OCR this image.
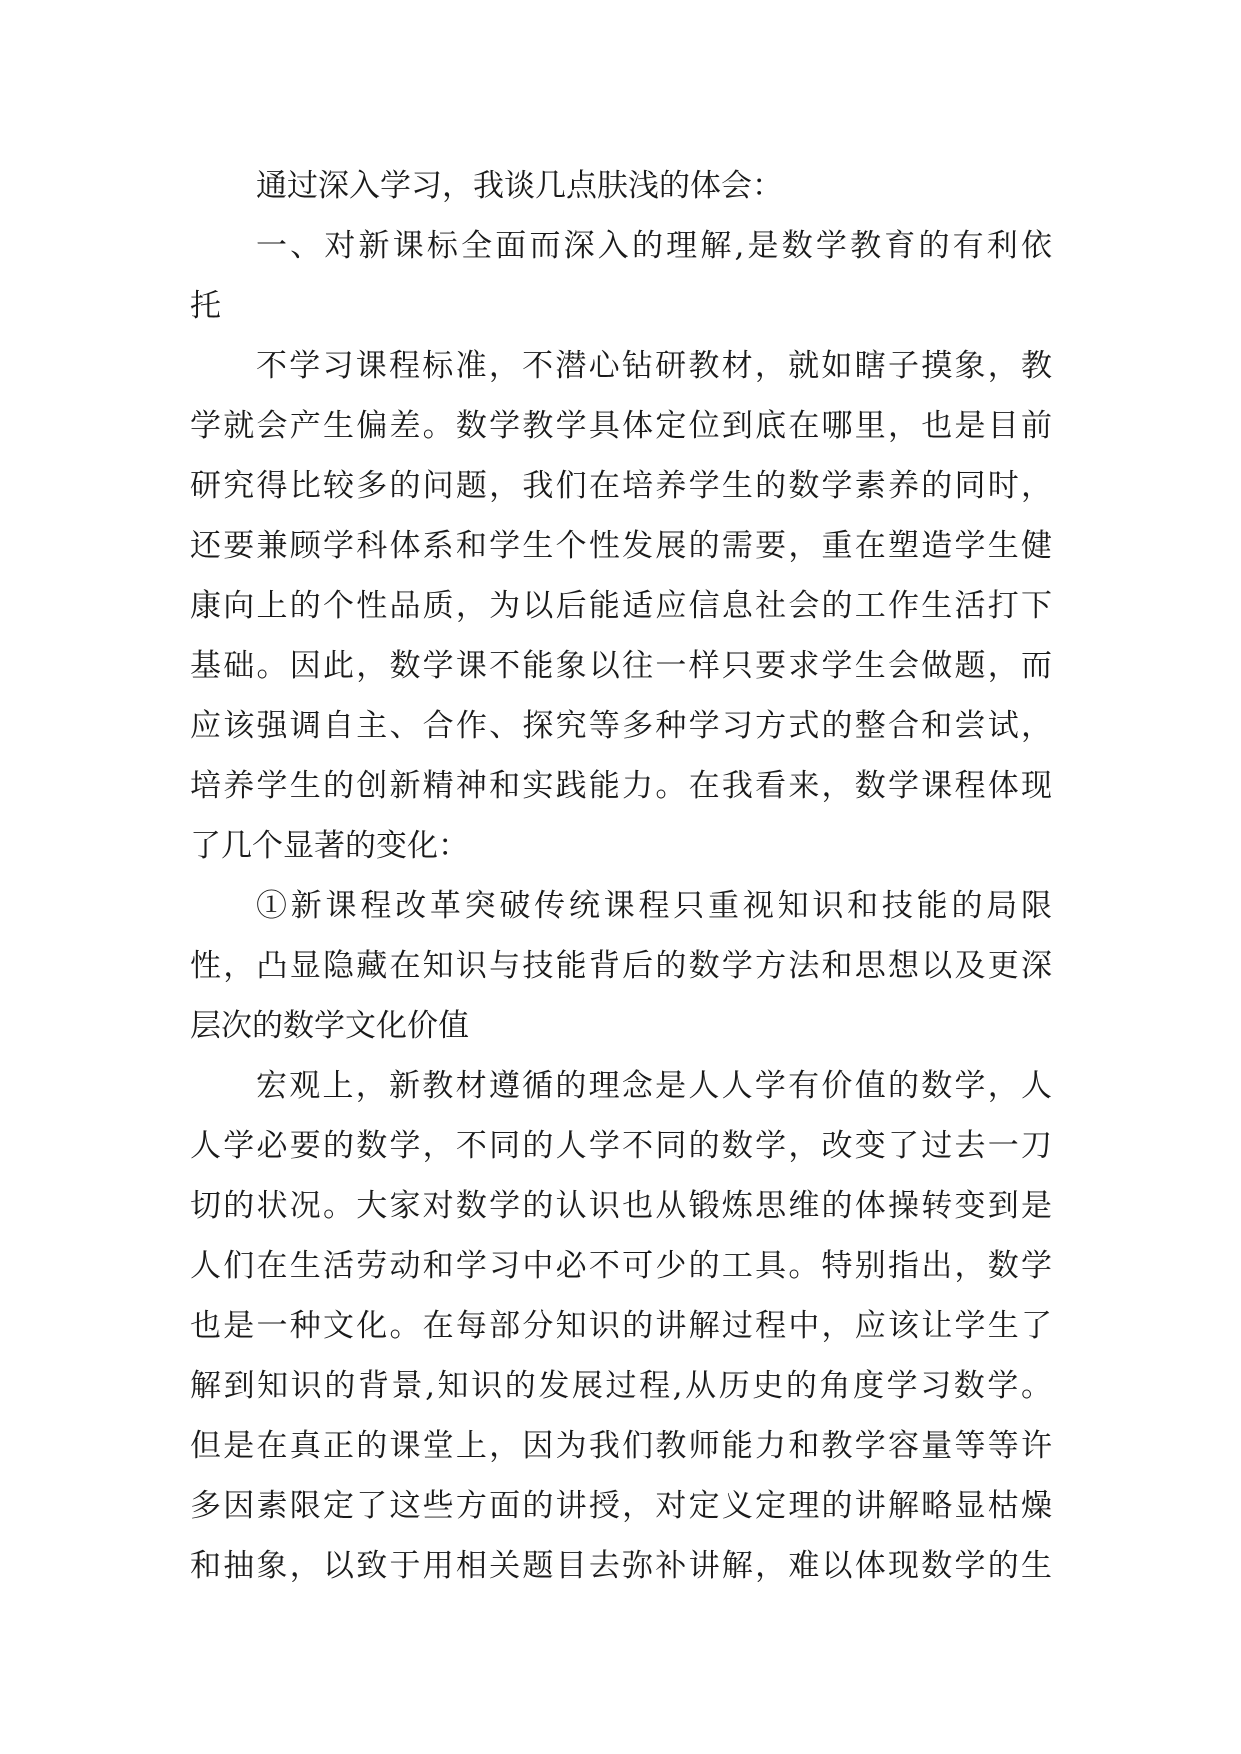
通过深入学习，我谈几点肤浅的体会：
一、对新课标全面而深入的理解,是数学教育的有利依
托
不学习课程标准，不潜心钻研教材，就如瞎子摸象，教
学就会产生偏差。数学教学具体定位到底在哪里，也是目前
研究得比较多的问题，我们在培养学生的数学素养的同时，
还要兼顾学科体系和学生个性发展的需要，重在塑造学生健
康向上的个性品质，为以后能适应信息社会的工作生活打下
基础。因此，数学课不能象以往一样只要求学生会做题，而
应该强调自主、合作、探究等多种学习方式的整合和尝试，
培养学生的创新精神和实践能力。在我看来，数学课程体现
了几个显著的变化：
①新课程改革突破传统课程只重视知识和技能的局限
性，凸显隐藏在知识与技能背后的数学方法和思想以及更深
层次的数学文化价值
宏观上，新教材遵循的理念是人人学有价值的数学，人
人学必要的数学，不同的人学不同的数学，改变了过去一刀
切的状况。大家对数学的认识也从锻炼思维的体操转变到是
人们在生活劳动和学习中必不可少的工具。特别指出，数学
也是一种文化。在每部分知识的讲解过程中，应该让学生了
解到知识的背景,知识的发展过程,从历史的角度学习数学。
但是在真正的课堂上，因为我们教师能力和教学容量等等许
多因素限定了这些方面的讲授，对定义定理的讲解略显枯燥
和抽象，以致于用相关题目去弥补讲解，难以体现数学的生
